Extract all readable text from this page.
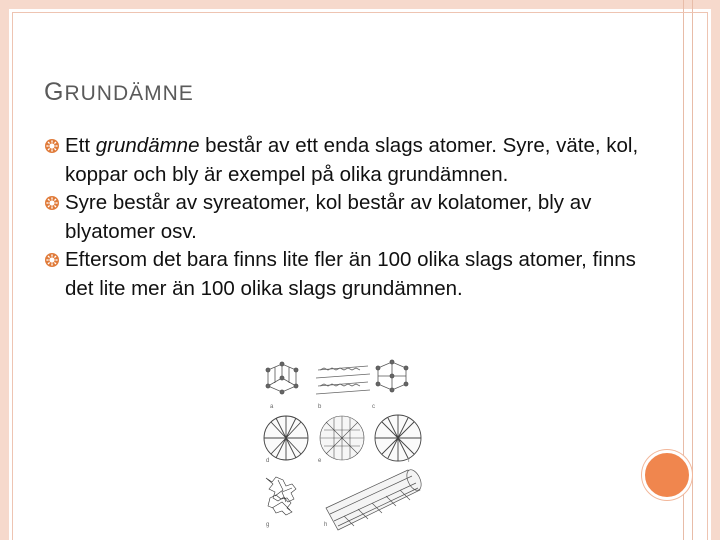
GRUNDÄMNE
Ett grundämne består av ett enda slags atomer. Syre, väte, kol, koppar och bly är exempel på olika grundämnen.
Syre består av syreatomer, kol består av kolatomer, bly av blyatomer osv.
Eftersom det bara finns lite fler än 100 olika slags atomer, finns det lite mer än 100 olika slags grundämnen.
a	b	c
d	e	f
g	h
